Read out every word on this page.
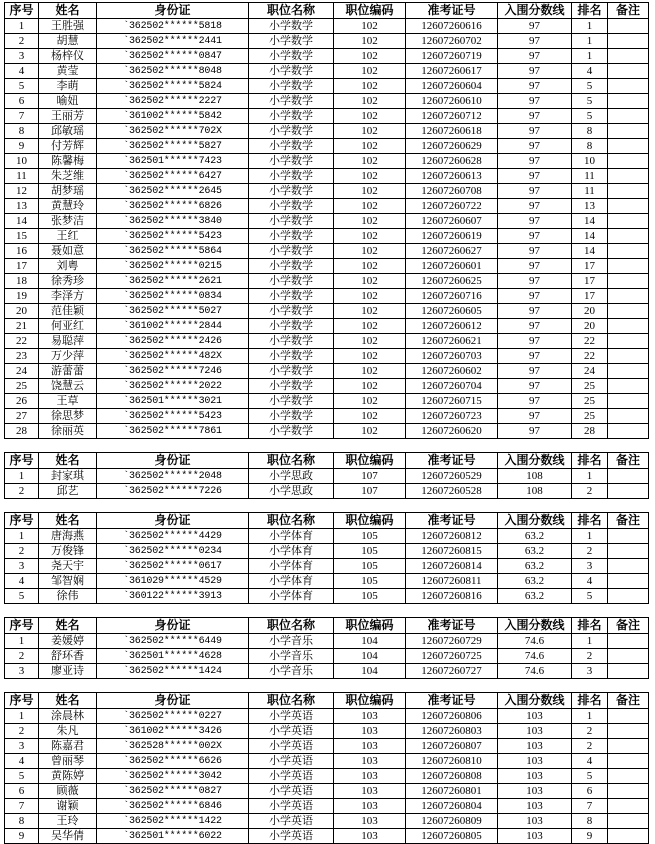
序号	姓名	身份证	职位名称	职位编码	准考证号	入围分数线	排名	备注
1	王胜强	`362502******5818	小学数学	102	12607260616	97	1	
2	胡慧	`362502******2441	小学数学	102	12607260702	97	1	
3	杨梓仪	`362502******0847	小学数学	102	12607260719	97	1	
4	黄莹	`362502******8048	小学数学	102	12607260617	97	4	
5	李萌	`362502******5824	小学数学	102	12607260604	97	5	
6	喻妞	`362502******2227	小学数学	102	12607260610	97	5	
7	王丽芳	`361002******5842	小学数学	102	12607260712	97	5	
8	邱敏瑶	`362502******702X	小学数学	102	12607260618	97	8	
9	付芳辉	`362502******5827	小学数学	102	12607260629	97	8	
10	陈馨梅	`362501******7423	小学数学	102	12607260628	97	10	
11	朱芝维	`362502******6427	小学数学	102	12607260613	97	11	
12	胡梦瑶	`362502******2645	小学数学	102	12607260708	97	11	
13	黄慧玲	`362502******6826	小学数学	102	12607260722	97	13	
14	张梦洁	`362502******3840	小学数学	102	12607260607	97	14	
15	王红	`362502******5423	小学数学	102	12607260619	97	14	
16	聂如意	`362502******5864	小学数学	102	12607260627	97	14	
17	刘粤	`362502******0215	小学数学	102	12607260601	97	17	
18	徐秀珍	`362502******2621	小学数学	102	12607260625	97	17	
19	李泽方	`362502******0834	小学数学	102	12607260716	97	17	
20	范佳颖	`362502******5027	小学数学	102	12607260605	97	20	
21	何亚红	`361002******2844	小学数学	102	12607260612	97	20	
22	易聪萍	`362502******2426	小学数学	102	12607260621	97	22	
23	万少萍	`362502******482X	小学数学	102	12607260703	97	22	
24	游蕾蕾	`362502******7246	小学数学	102	12607260602	97	24	
25	饶慧云	`362502******2022	小学数学	102	12607260704	97	25	
26	王草	`362501******3021	小学数学	102	12607260715	97	25	
27	徐思梦	`362502******5423	小学数学	102	12607260723	97	25	
28	徐丽英	`362502******7861	小学数学	102	12607260620	97	28	
序号	姓名	身份证	职位名称	职位编码	准考证号	入围分数线	排名	备注
1	封家琪	`362502******2048	小学思政	107	12607260529	108	1	
2	邱艺	`362502******7226	小学思政	107	12607260528	108	2	
序号	姓名	身份证	职位名称	职位编码	准考证号	入围分数线	排名	备注
1	唐海燕	`362502******4429	小学体育	105	12607260812	63.2	1	
2	万俊锋	`362502******0234	小学体育	105	12607260815	63.2	2	
3	尧天宇	`362502******0617	小学体育	105	12607260814	63.2	3	
4	邹智娴	`361029******4529	小学体育	105	12607260811	63.2	4	
5	徐伟	`360122******3913	小学体育	105	12607260816	63.2	5	
序号	姓名	身份证	职位名称	职位编码	准考证号	入围分数线	排名	备注
1	姜媛婷	`362502******6449	小学音乐	104	12607260729	74.6	1	
2	舒环香	`362501******4628	小学音乐	104	12607260725	74.6	2	
3	廖亚诗	`362502******1424	小学音乐	104	12607260727	74.6	3	
序号	姓名	身份证	职位名称	职位编码	准考证号	入围分数线	排名	备注
1	涂晨林	`362502******0227	小学英语	103	12607260806	103	1	
2	朱凡	`361002******3426	小学英语	103	12607260803	103	2	
3	陈嘉君	`362528******002X	小学英语	103	12607260807	103	2	
4	曾丽琴	`362502******6626	小学英语	103	12607260810	103	4	
5	黄陈婷	`362502******3042	小学英语	103	12607260808	103	5	
6	顾薇	`362502******0827	小学英语	103	12607260801	103	6	
7	谢颖	`362502******6846	小学英语	103	12607260804	103	7	
8	王玲	`362502******1422	小学英语	103	12607260809	103	8	
9	吴华倩	`362501******6022	小学英语	103	12607260805	103	9	
